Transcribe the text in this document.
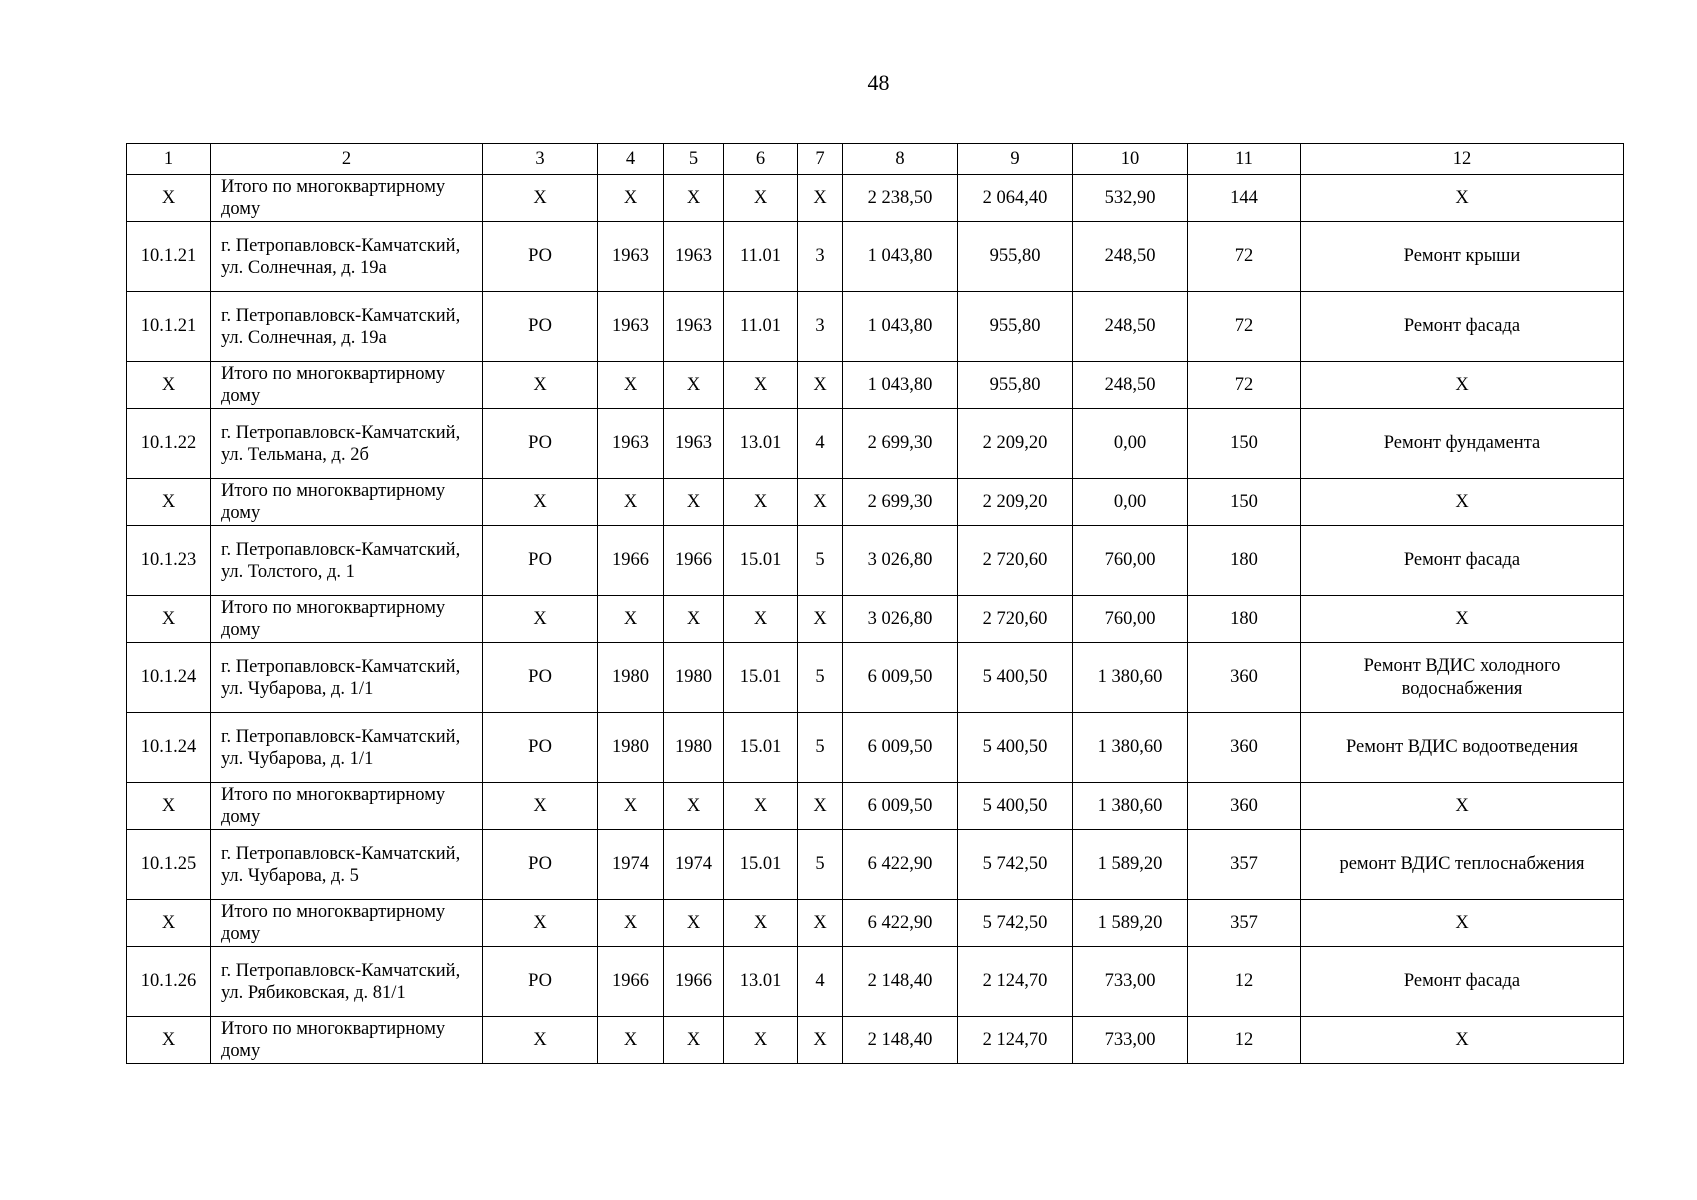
48
1	2	3	4	5	6	7	8	9	10	11	12
Х	Итого по многоквартирному дому	Х	Х	Х	Х	Х	2 238,50	2 064,40	532,90	144	Х
10.1.21	г. Петропавловск-Камчатский, ул. Солнечная, д. 19а	РО	1963	1963	11.01	3	1 043,80	955,80	248,50	72	Ремонт крыши
10.1.21	г. Петропавловск-Камчатский, ул. Солнечная, д. 19а	РО	1963	1963	11.01	3	1 043,80	955,80	248,50	72	Ремонт фасада
Х	Итого по многоквартирному дому	Х	Х	Х	Х	Х	1 043,80	955,80	248,50	72	Х
10.1.22	г. Петропавловск-Камчатский, ул. Тельмана, д. 2б	РО	1963	1963	13.01	4	2 699,30	2 209,20	0,00	150	Ремонт фундамента
Х	Итого по многоквартирному дому	Х	Х	Х	Х	Х	2 699,30	2 209,20	0,00	150	Х
10.1.23	г. Петропавловск-Камчатский, ул. Толстого, д. 1	РО	1966	1966	15.01	5	3 026,80	2 720,60	760,00	180	Ремонт фасада
Х	Итого по многоквартирному дому	Х	Х	Х	Х	Х	3 026,80	2 720,60	760,00	180	Х
10.1.24	г. Петропавловск-Камчатский, ул. Чубарова, д. 1/1	РО	1980	1980	15.01	5	6 009,50	5 400,50	1 380,60	360	Ремонт ВДИС холодного водоснабжения
10.1.24	г. Петропавловск-Камчатский, ул. Чубарова, д. 1/1	РО	1980	1980	15.01	5	6 009,50	5 400,50	1 380,60	360	Ремонт ВДИС водоотведения
Х	Итого по многоквартирному дому	Х	Х	Х	Х	Х	6 009,50	5 400,50	1 380,60	360	Х
10.1.25	г. Петропавловск-Камчатский, ул. Чубарова, д. 5	РО	1974	1974	15.01	5	6 422,90	5 742,50	1 589,20	357	ремонт ВДИС теплоснабжения
Х	Итого по многоквартирному дому	Х	Х	Х	Х	Х	6 422,90	5 742,50	1 589,20	357	Х
10.1.26	г. Петропавловск-Камчатский, ул. Рябиковская, д. 81/1	РО	1966	1966	13.01	4	2 148,40	2 124,70	733,00	12	Ремонт фасада
Х	Итого по многоквартирному дому	Х	Х	Х	Х	Х	2 148,40	2 124,70	733,00	12	Х
